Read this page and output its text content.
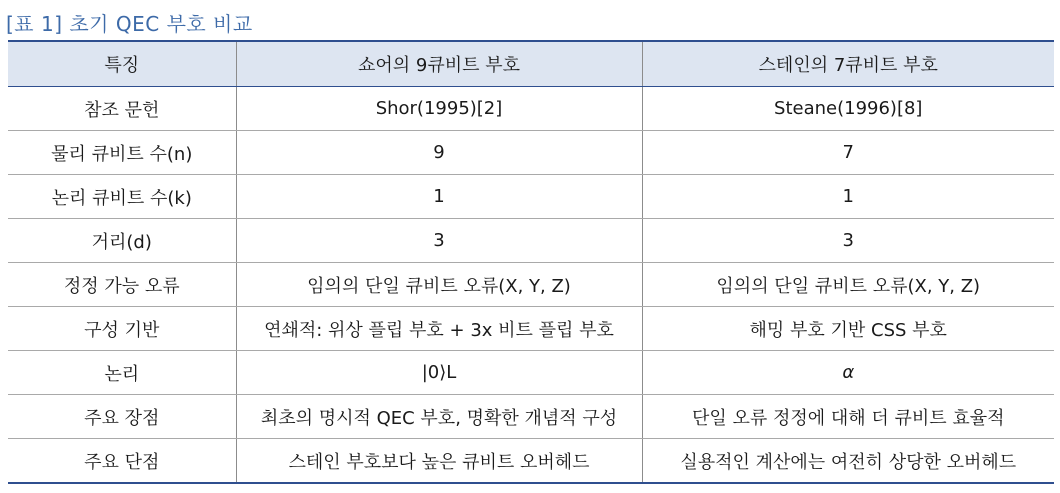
[표 1] 초기 QEC 부호 비교
특징	쇼어의 9큐비트 부호	스테인의 7큐비트 부호
참조 문헌	Shor(1995)[2]	Steane(1996)[8]
물리 큐비트 수(n)	9	7
논리 큐비트 수(k)	1	1
거리(d)	3	3
정정 가능 오류	임의의 단일 큐비트 오류(X, Y, Z)	임의의 단일 큐비트 오류(X, Y, Z)
구성 기반	연쇄적: 위상 플립 부호 + 3x 비트 플립 부호	해밍 부호 기반 CSS 부호
논리	|0⟩L	α
주요 장점	최초의 명시적 QEC 부호, 명확한 개념적 구성	단일 오류 정정에 대해 더 큐비트 효율적
주요 단점	스테인 부호보다 높은 큐비트 오버헤드	실용적인 계산에는 여전히 상당한 오버헤드
